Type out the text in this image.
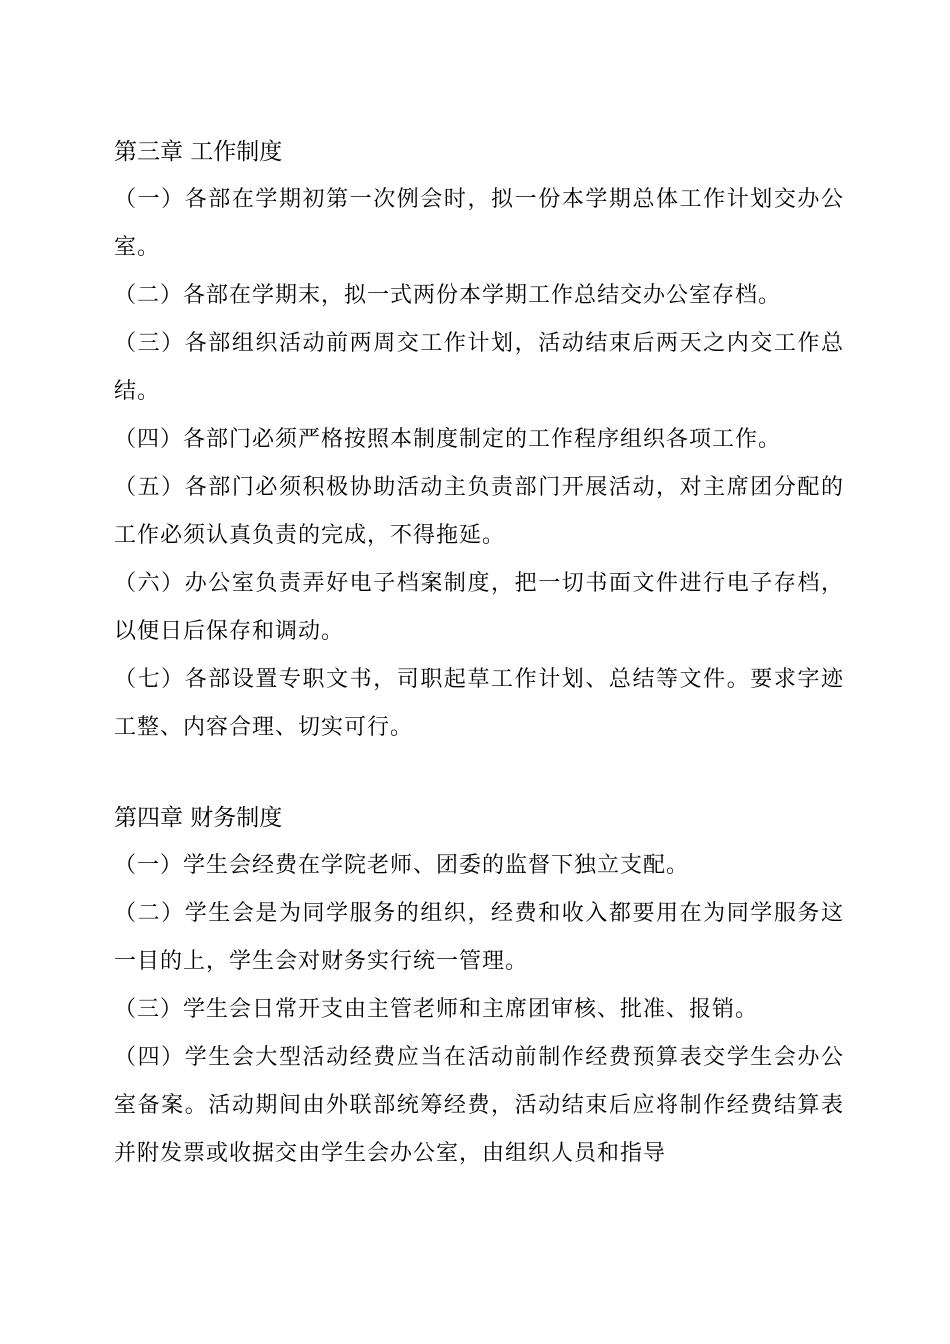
第三章 工作制度

（一）各部在学期初第一次例会时，拟一份本学期总体工作计划交办公室。

（二）各部在学期末，拟一式两份本学期工作总结交办公室存档。

（三）各部组织活动前两周交工作计划，活动结束后两天之内交工作总结。

（四）各部门必须严格按照本制度制定的工作程序组织各项工作。

（五）各部门必须积极协助活动主负责部门开展活动，对主席团分配的工作必须认真负责的完成，不得拖延。

（六）办公室负责弄好电子档案制度，把一切书面文件进行电子存档，以便日后保存和调动。

（七）各部设置专职文书，司职起草工作计划、总结等文件。要求字迹工整、内容合理、切实可行。

第四章 财务制度

（一）学生会经费在学院老师、团委的监督下独立支配。

（二）学生会是为同学服务的组织，经费和收入都要用在为同学服务这一目的上，学生会对财务实行统一管理。

（三）学生会日常开支由主管老师和主席团审核、批准、报销。

（四）学生会大型活动经费应当在活动前制作经费预算表交学生会办公室备案。活动期间由外联部统筹经费，活动结束后应将制作经费结算表并附发票或收据交由学生会办公室，由组织人员和指导
